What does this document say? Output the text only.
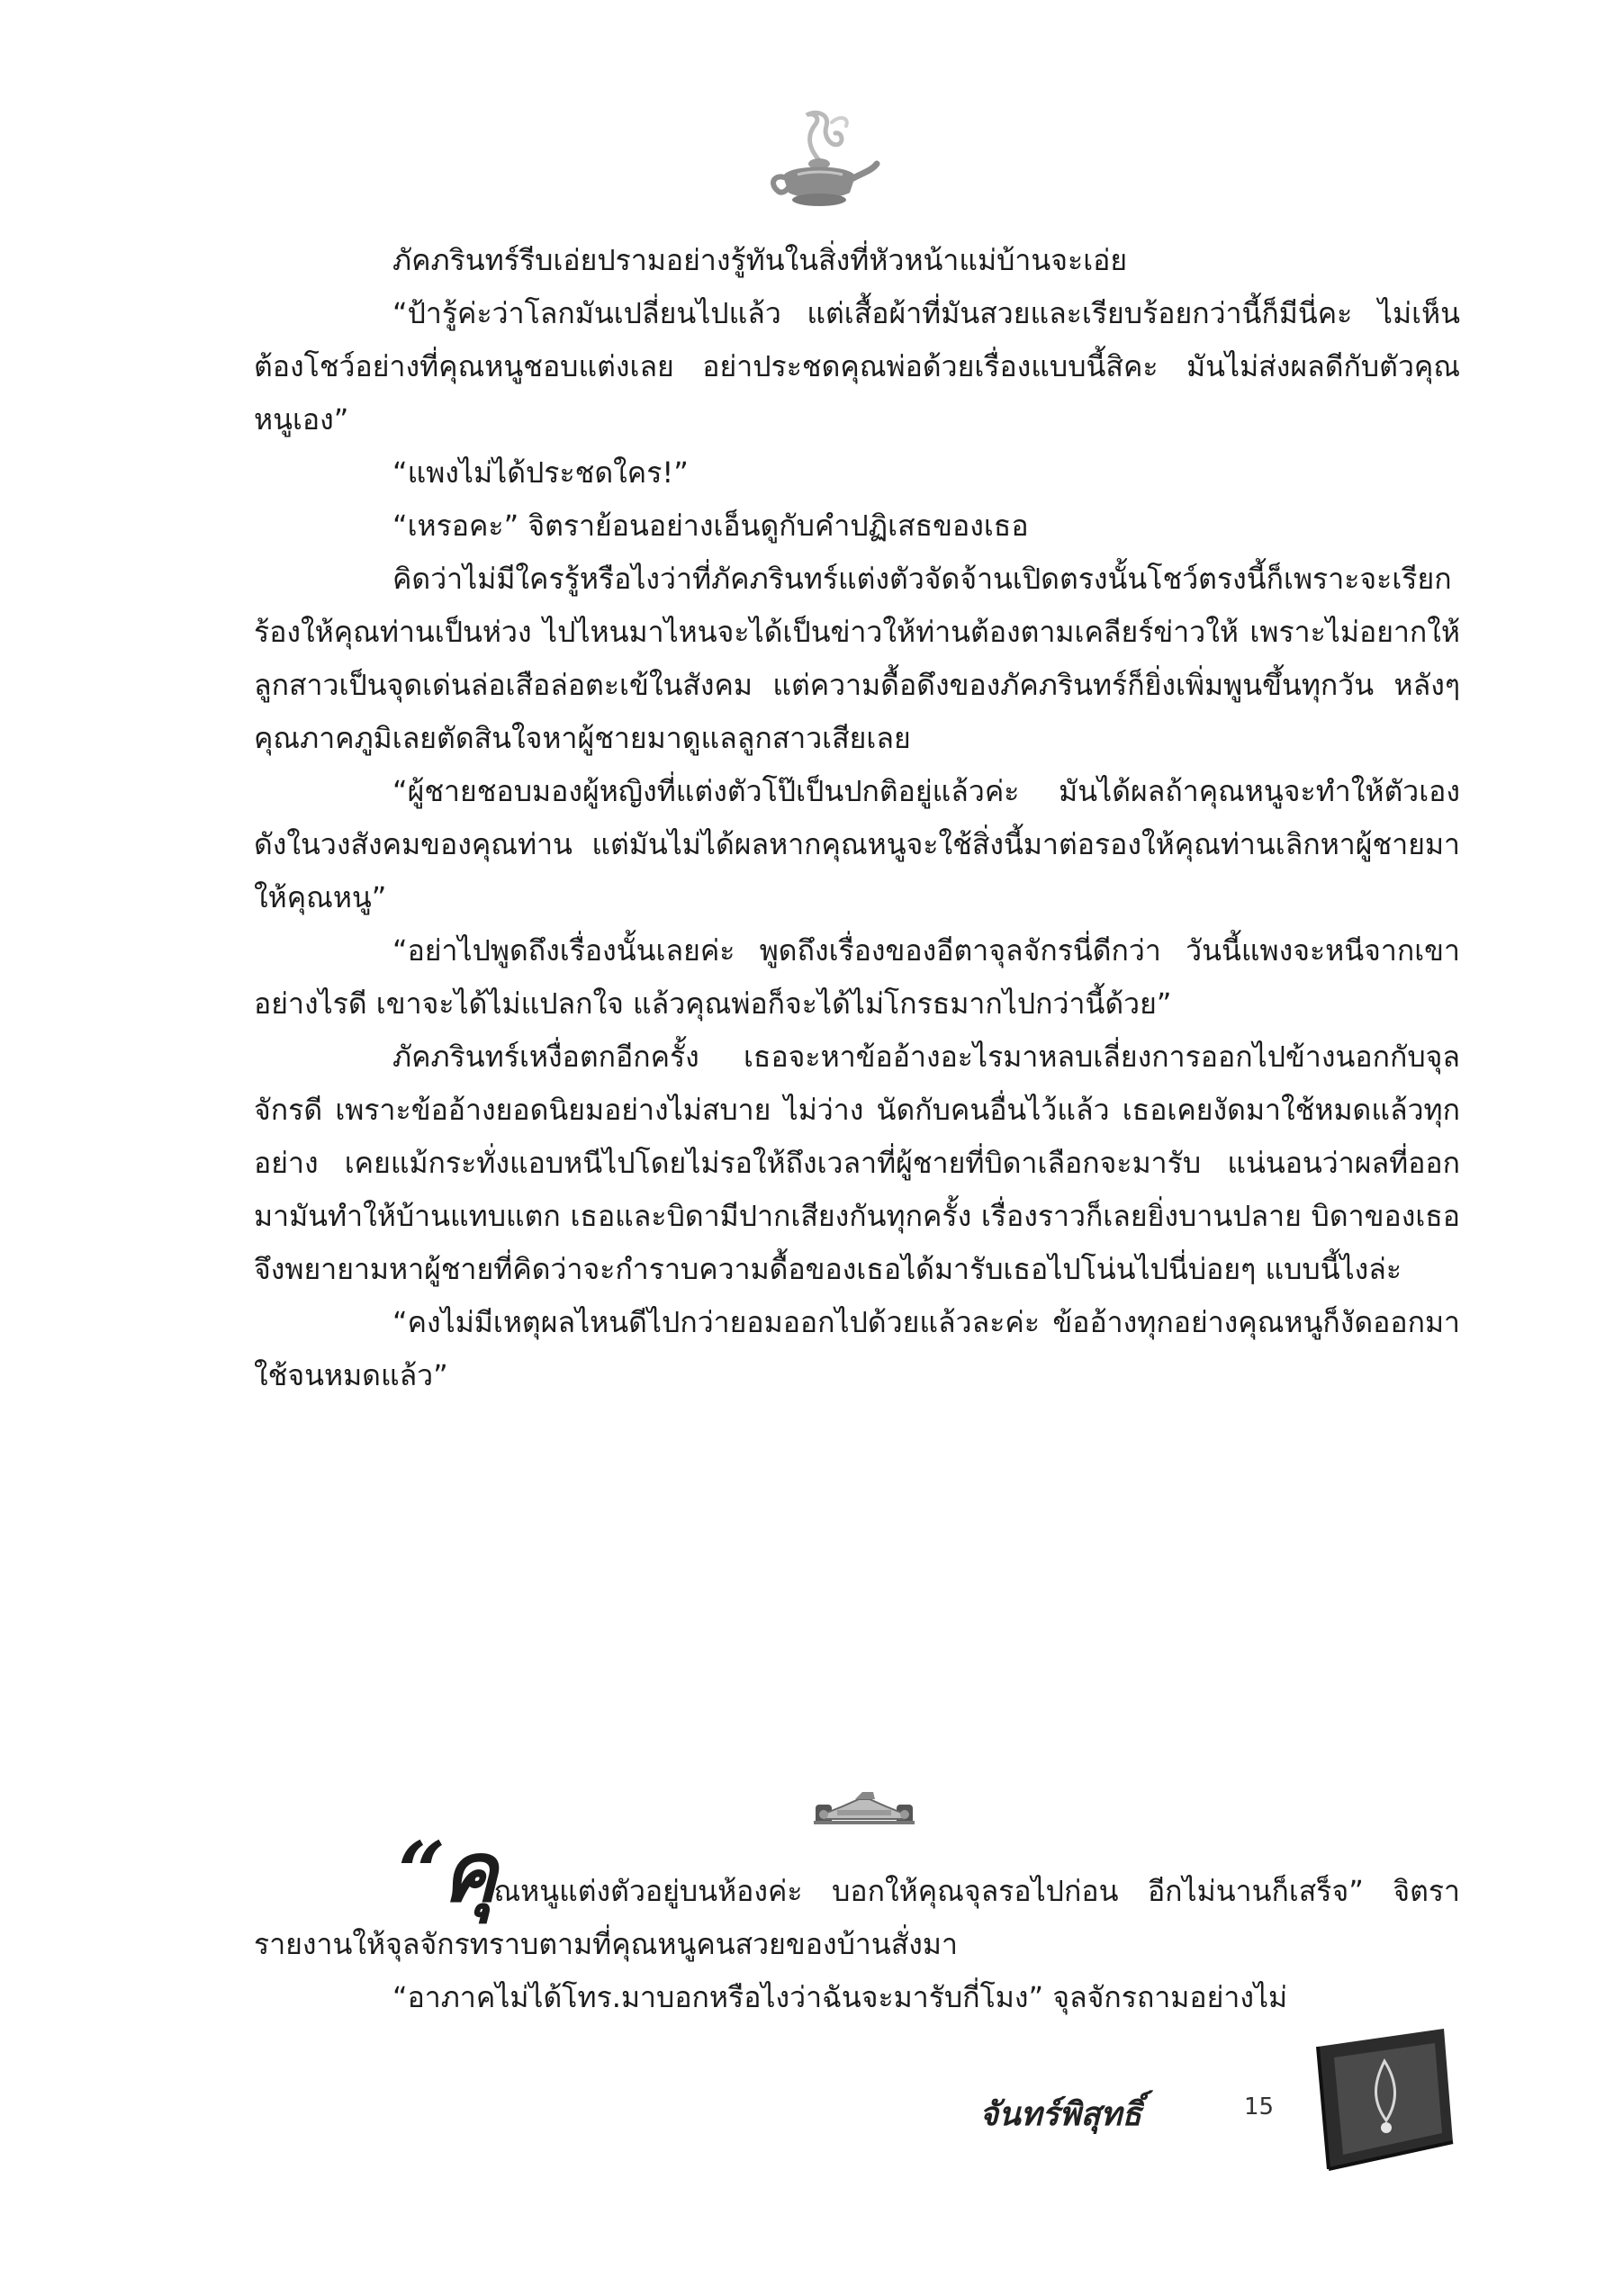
ภัคภรินทร์รีบเอ่ยปรามอย่างรู้ทันในสิ่งที่หัวหน้าแม่บ้านจะเอ่ย

“ป้ารู้ค่ะว่าโลกมันเปลี่ยนไปแล้ว แต่เสื้อผ้าที่มันสวยและเรียบร้อยกว่านี้ก็มีนี่คะ ไม่เห็นต้องโชว์อย่างที่คุณหนูชอบแต่งเลย อย่าประชดคุณพ่อด้วยเรื่องแบบนี้สิคะ มันไม่ส่งผลดีกับตัวคุณหนูเอง”

“แพงไม่ได้ประชดใคร!”

“เหรอคะ” จิตราย้อนอย่างเอ็นดูกับคำปฏิเสธของเธอ

คิดว่าไม่มีใครรู้หรือไงว่าที่ภัคภรินทร์แต่งตัวจัดจ้านเปิดตรงนั้นโชว์ตรงนี้ก็เพราะจะเรียกร้องให้คุณท่านเป็นห่วง ไปไหนมาไหนจะได้เป็นข่าวให้ท่านต้องตามเคลียร์ข่าวให้ เพราะไม่อยากให้ลูกสาวเป็นจุดเด่นล่อเสือล่อตะเข้ในสังคม แต่ความดื้อดึงของภัคภรินทร์ก็ยิ่งเพิ่มพูนขึ้นทุกวัน หลังๆ คุณภาคภูมิเลยตัดสินใจหาผู้ชายมาดูแลลูกสาวเสียเลย

“ผู้ชายชอบมองผู้หญิงที่แต่งตัวโป๊เป็นปกติอยู่แล้วค่ะ มันได้ผลถ้าคุณหนูจะทำให้ตัวเองดังในวงสังคมของคุณท่าน แต่มันไม่ได้ผลหากคุณหนูจะใช้สิ่งนี้มาต่อรองให้คุณท่านเลิกหาผู้ชายมาให้คุณหนู”

“อย่าไปพูดถึงเรื่องนั้นเลยค่ะ พูดถึงเรื่องของอีตาจุลจักรนี่ดีกว่า วันนี้แพงจะหนีจากเขาอย่างไรดี เขาจะได้ไม่แปลกใจ แล้วคุณพ่อก็จะได้ไม่โกรธมากไปกว่านี้ด้วย”

ภัคภรินทร์เหงื่อตกอีกครั้ง เธอจะหาข้ออ้างอะไรมาหลบเลี่ยงการออกไปข้างนอกกับจุลจักรดี เพราะข้ออ้างยอดนิยมอย่างไม่สบาย ไม่ว่าง นัดกับคนอื่นไว้แล้ว เธอเคยงัดมาใช้หมดแล้วทุกอย่าง เคยแม้กระทั่งแอบหนีไปโดยไม่รอให้ถึงเวลาที่ผู้ชายที่บิดาเลือกจะมารับ แน่นอนว่าผลที่ออกมามันทำให้บ้านแทบแตก เธอและบิดามีปากเสียงกันทุกครั้ง เรื่องราวก็เลยยิ่งบานปลาย บิดาของเธอจึงพยายามหาผู้ชายที่คิดว่าจะกำราบความดื้อของเธอได้มารับเธอไปโน่นไปนี่บ่อยๆ แบบนี้ไงล่ะ

“คงไม่มีเหตุผลไหนดีไปกว่ายอมออกไปด้วยแล้วละค่ะ ข้ออ้างทุกอย่างคุณหนูก็งัดออกมาใช้จนหมดแล้ว”

“คุณหนูแต่งตัวอยู่บนห้องค่ะ บอกให้คุณจุลรอไปก่อน อีกไม่นานก็เสร็จ” จิตรารายงานให้จุลจักรทราบตามที่คุณหนูคนสวยของบ้านสั่งมา

“อาภาคไม่ได้โทร.มาบอกหรือไงว่าฉันจะมารับกี่โมง” จุลจักรถามอย่างไม่

จันทร์พิสุทธิ์	15
